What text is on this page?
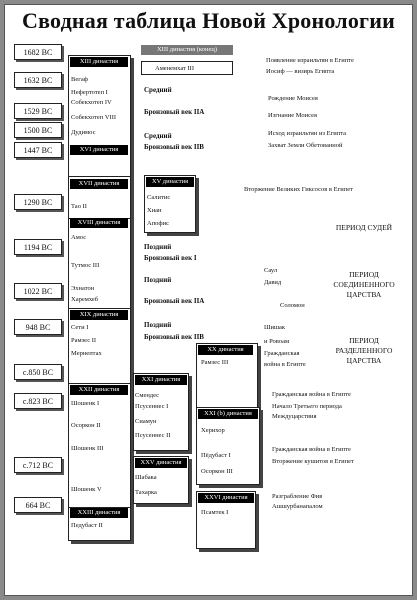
Сводная таблица Новой Хронологии
1682 ВС
1632 ВС
1529 ВС
1500 ВС
1447 ВС
1290 ВС
1194 ВС
1022 ВС
948 ВС
с.850 ВС
с.823 ВС
с.712 ВС
664 ВС
XIII династия
Вегаф
Нефертотеп I
Собекхотеп IV
Собекхотеп VIII
Дудимос
XVI династия
XVII династия
Тао II
XVIII династия
Амос
Тутмос III
Эхнатон
Харемхеб
XIX династия
Сети I
Рамзес II
Мернептах
XXII династия
Шошенк I
Осоркон II
Шошенк III
Шошенк V
XXIII династия
Педубаст II
XIII династия (конец)
Аменемхат III
XV династия
Салитис
Хиан
Апофис
Средний
Бронзовый век IIA
Средний
Бронзовый век IIB
Поздний
Бронзовый век I
Поздний
Бронзовый век IIA
Поздний
Бронзовый век IIB
XXI династия
Смендес
Псусеннес I
Сиамун
Псусеннес II
XXV династия
Шабака
Тахарка
XX династия
Рамзес III
XXI (b) династия
Херихор
Пёдубаст I
Осоркон III
XXVI династия
Псамтек I
Появление израильтян в Египте
Иосиф — визирь Египта
Рождение Моисея
Изгнание Моисея
Исход израильтян из Египта
Захват Земли Обетованной
Вторжение Великих Гиксосов в Египет
Саул
Давид
Соломон
Шишак
и Ровоам
Гражданская
война в Египте
Гражданская война в Египте
Начало Третьего периода
Междуцарствия
Гражданская война в Египте
Вторжение кушитов в Египет
Разграбление Фив
Ашшурбанапалом
ПЕРИОД СУДЕЙ
ПЕРИОД
СОЕДИНЕННОГО
ЦАРСТВА
ПЕРИОД
РАЗДЕЛЕННОГО
ЦАРСТВА
